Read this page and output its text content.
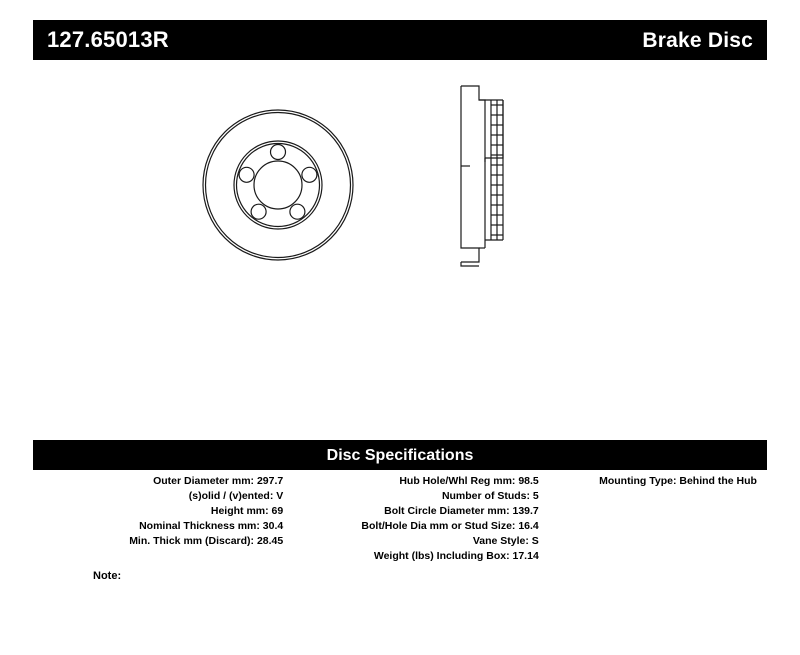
127.65013R	Brake Disc
Disc Specifications
Outer Diameter mm: 297.7
(s)olid / (v)ented: V
Height mm: 69
Nominal Thickness mm: 30.4
Min. Thick mm (Discard): 28.45
Hub Hole/Whl Reg mm: 98.5
Number of Studs: 5
Bolt Circle Diameter mm: 139.7
Bolt/Hole Dia mm or Stud Size: 16.4
Vane Style: S
Weight (lbs) Including Box: 17.14
Mounting Type: Behind the Hub
Note:
